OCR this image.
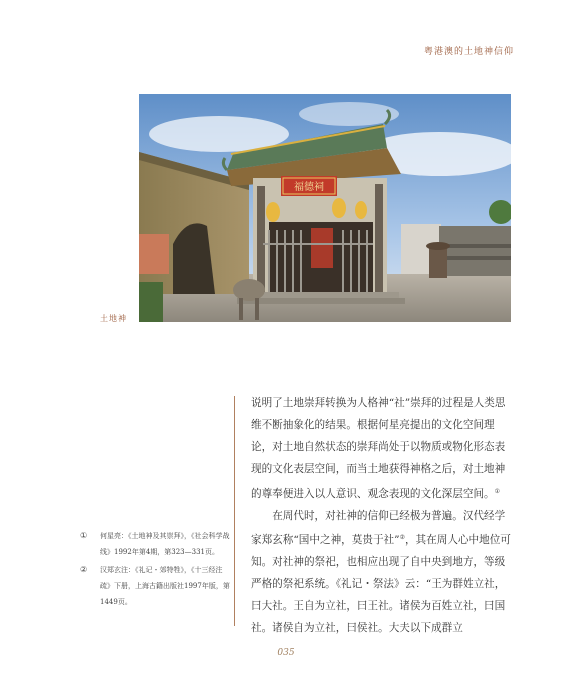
粤港澳的土地神信仰
福德祠
土地神

说明了土地崇拜转换为人格神“社”崇拜的过程是人类思维不断抽象化的结果。根据何星亮提出的文化空间理论，对土地自然状态的崇拜尚处于以物质或物化形态表现的文化表层空间，而当土地获得神格之后，对土地神的尊奉便进入以人意识、观念表现的文化深层空间。①

在周代时，对社神的信仰已经极为普遍。汉代经学家郑玄称“国中之神，莫贵于社”②，其在周人心中地位可知。对社神的祭祀，也相应出现了自中央到地方，等级严格的祭祀系统。《礼记・祭法》云：“王为群姓立社，曰大社。王自为立社，曰王社。诸侯为百姓立社，曰国社。诸侯自为立社，曰侯社。大夫以下成群立

① 何星亮：《土地神及其崇拜》，《社会科学战线》1992年第4期，第323—331页。
② 汉郑玄注：《礼记・郊特牲》，《十三经注疏》下册，上海古籍出版社1997年版，第1449页。
035
